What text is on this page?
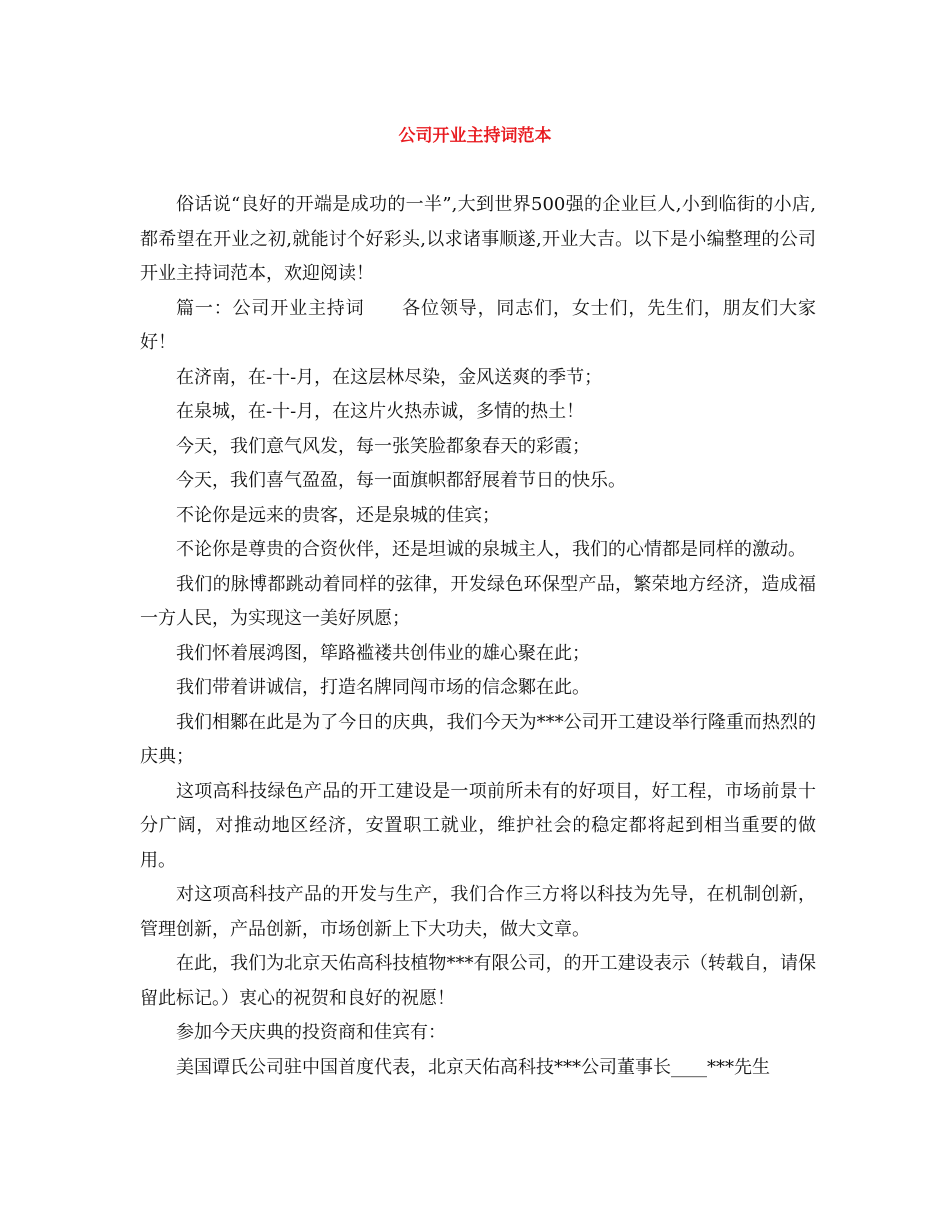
公司开业主持词范本

俗话说“良好的开端是成功的一半”,大到世界500强的企业巨人,小到临街的小店,都希望在开业之初,就能讨个好彩头,以求诸事顺遂,开业大吉。以下是小编整理的公司开业主持词范本，欢迎阅读！

篇一：公司开业主持词　　各位领导，同志们，女士们，先生们，朋友们大家好！

在济南，在-十-月，在这层林尽染，金风送爽的季节；

在泉城，在-十-月，在这片火热赤诚，多情的热土！

今天，我们意气风发，每一张笑脸都象春天的彩霞；

今天，我们喜气盈盈，每一面旗帜都舒展着节日的快乐。

不论你是远来的贵客，还是泉城的佳宾；

不论你是尊贵的合资伙伴，还是坦诚的泉城主人，我们的心情都是同样的激动。

我们的脉博都跳动着同样的弦律，开发绿色环保型产品，繁荣地方经济，造成福一方人民，为实现这一美好夙愿；

我们怀着展鸿图，筚路褴褛共创伟业的雄心聚在此；

我们带着讲诚信，打造名牌同闯市场的信念鄹在此。

我们相鄹在此是为了今日的庆典，我们今天为***公司开工建设举行隆重而热烈的庆典；

这项高科技绿色产品的开工建设是一项前所未有的好项目，好工程，市场前景十分广阔，对推动地区经济，安置职工就业，维护社会的稳定都将起到相当重要的做用。

对这项高科技产品的开发与生产，我们合作三方将以科技为先导，在机制创新，管理创新，产品创新，市场创新上下大功夫，做大文章。

在此，我们为北京天佑高科技植物***有限公司，的开工建设表示（转载自，请保留此标记。）衷心的祝贺和良好的祝愿！

参加今天庆典的投资商和佳宾有：

美国谭氏公司驻中国首度代表，北京天佑高科技***公司董事长____***先生
